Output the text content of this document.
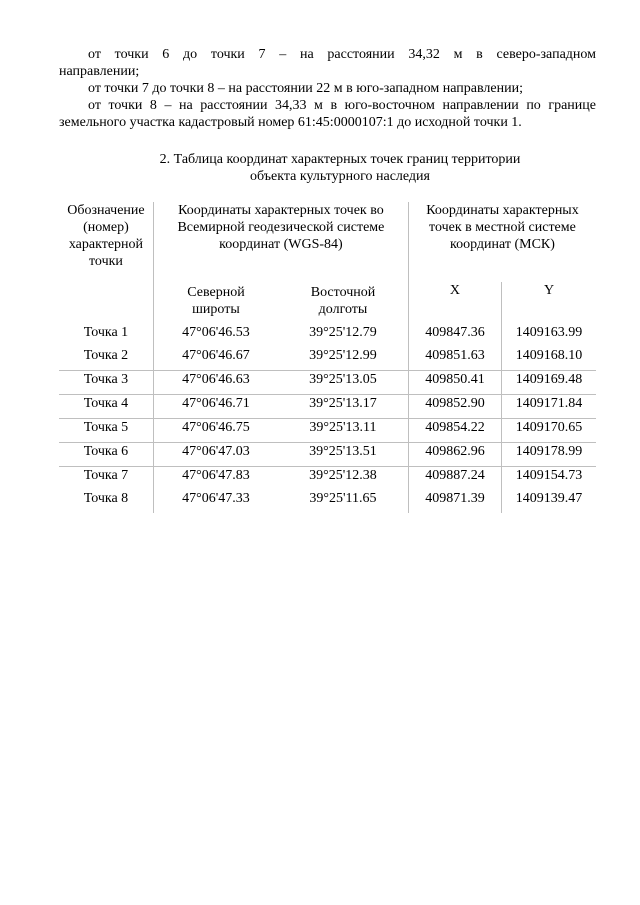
от точки 6 до точки 7 – на расстоянии 34,32 м в северо-западном

направлении;

от точки 7 до точки 8 – на расстоянии 22 м в юго-западном направлении;

от точки 8 – на расстоянии 34,33 м в юго-восточном направлении по границе

земельного участка кадастровый номер 61:45:0000107:1 до исходной точки 1.

2. Таблица координат характерных точек границ территории
объекта культурного наследия
Обозначение (номер) характерной точки	Координаты характерных точек во Всемирной геодезической системе координат (WGS-84)		Координаты характерных точек в местной системе координат (МСК)	
	Северной широты	Восточной долготы	X	Y
Точка 1	47°06'46.53	39°25'12.79	409847.36	1409163.99
Точка 2	47°06'46.67	39°25'12.99	409851.63	1409168.10
Точка 3	47°06'46.63	39°25'13.05	409850.41	1409169.48
Точка 4	47°06'46.71	39°25'13.17	409852.90	1409171.84
Точка 5	47°06'46.75	39°25'13.11	409854.22	1409170.65
Точка 6	47°06'47.03	39°25'13.51	409862.96	1409178.99
Точка 7	47°06'47.83	39°25'12.38	409887.24	1409154.73
Точка 8	47°06'47.33	39°25'11.65	409871.39	1409139.47
